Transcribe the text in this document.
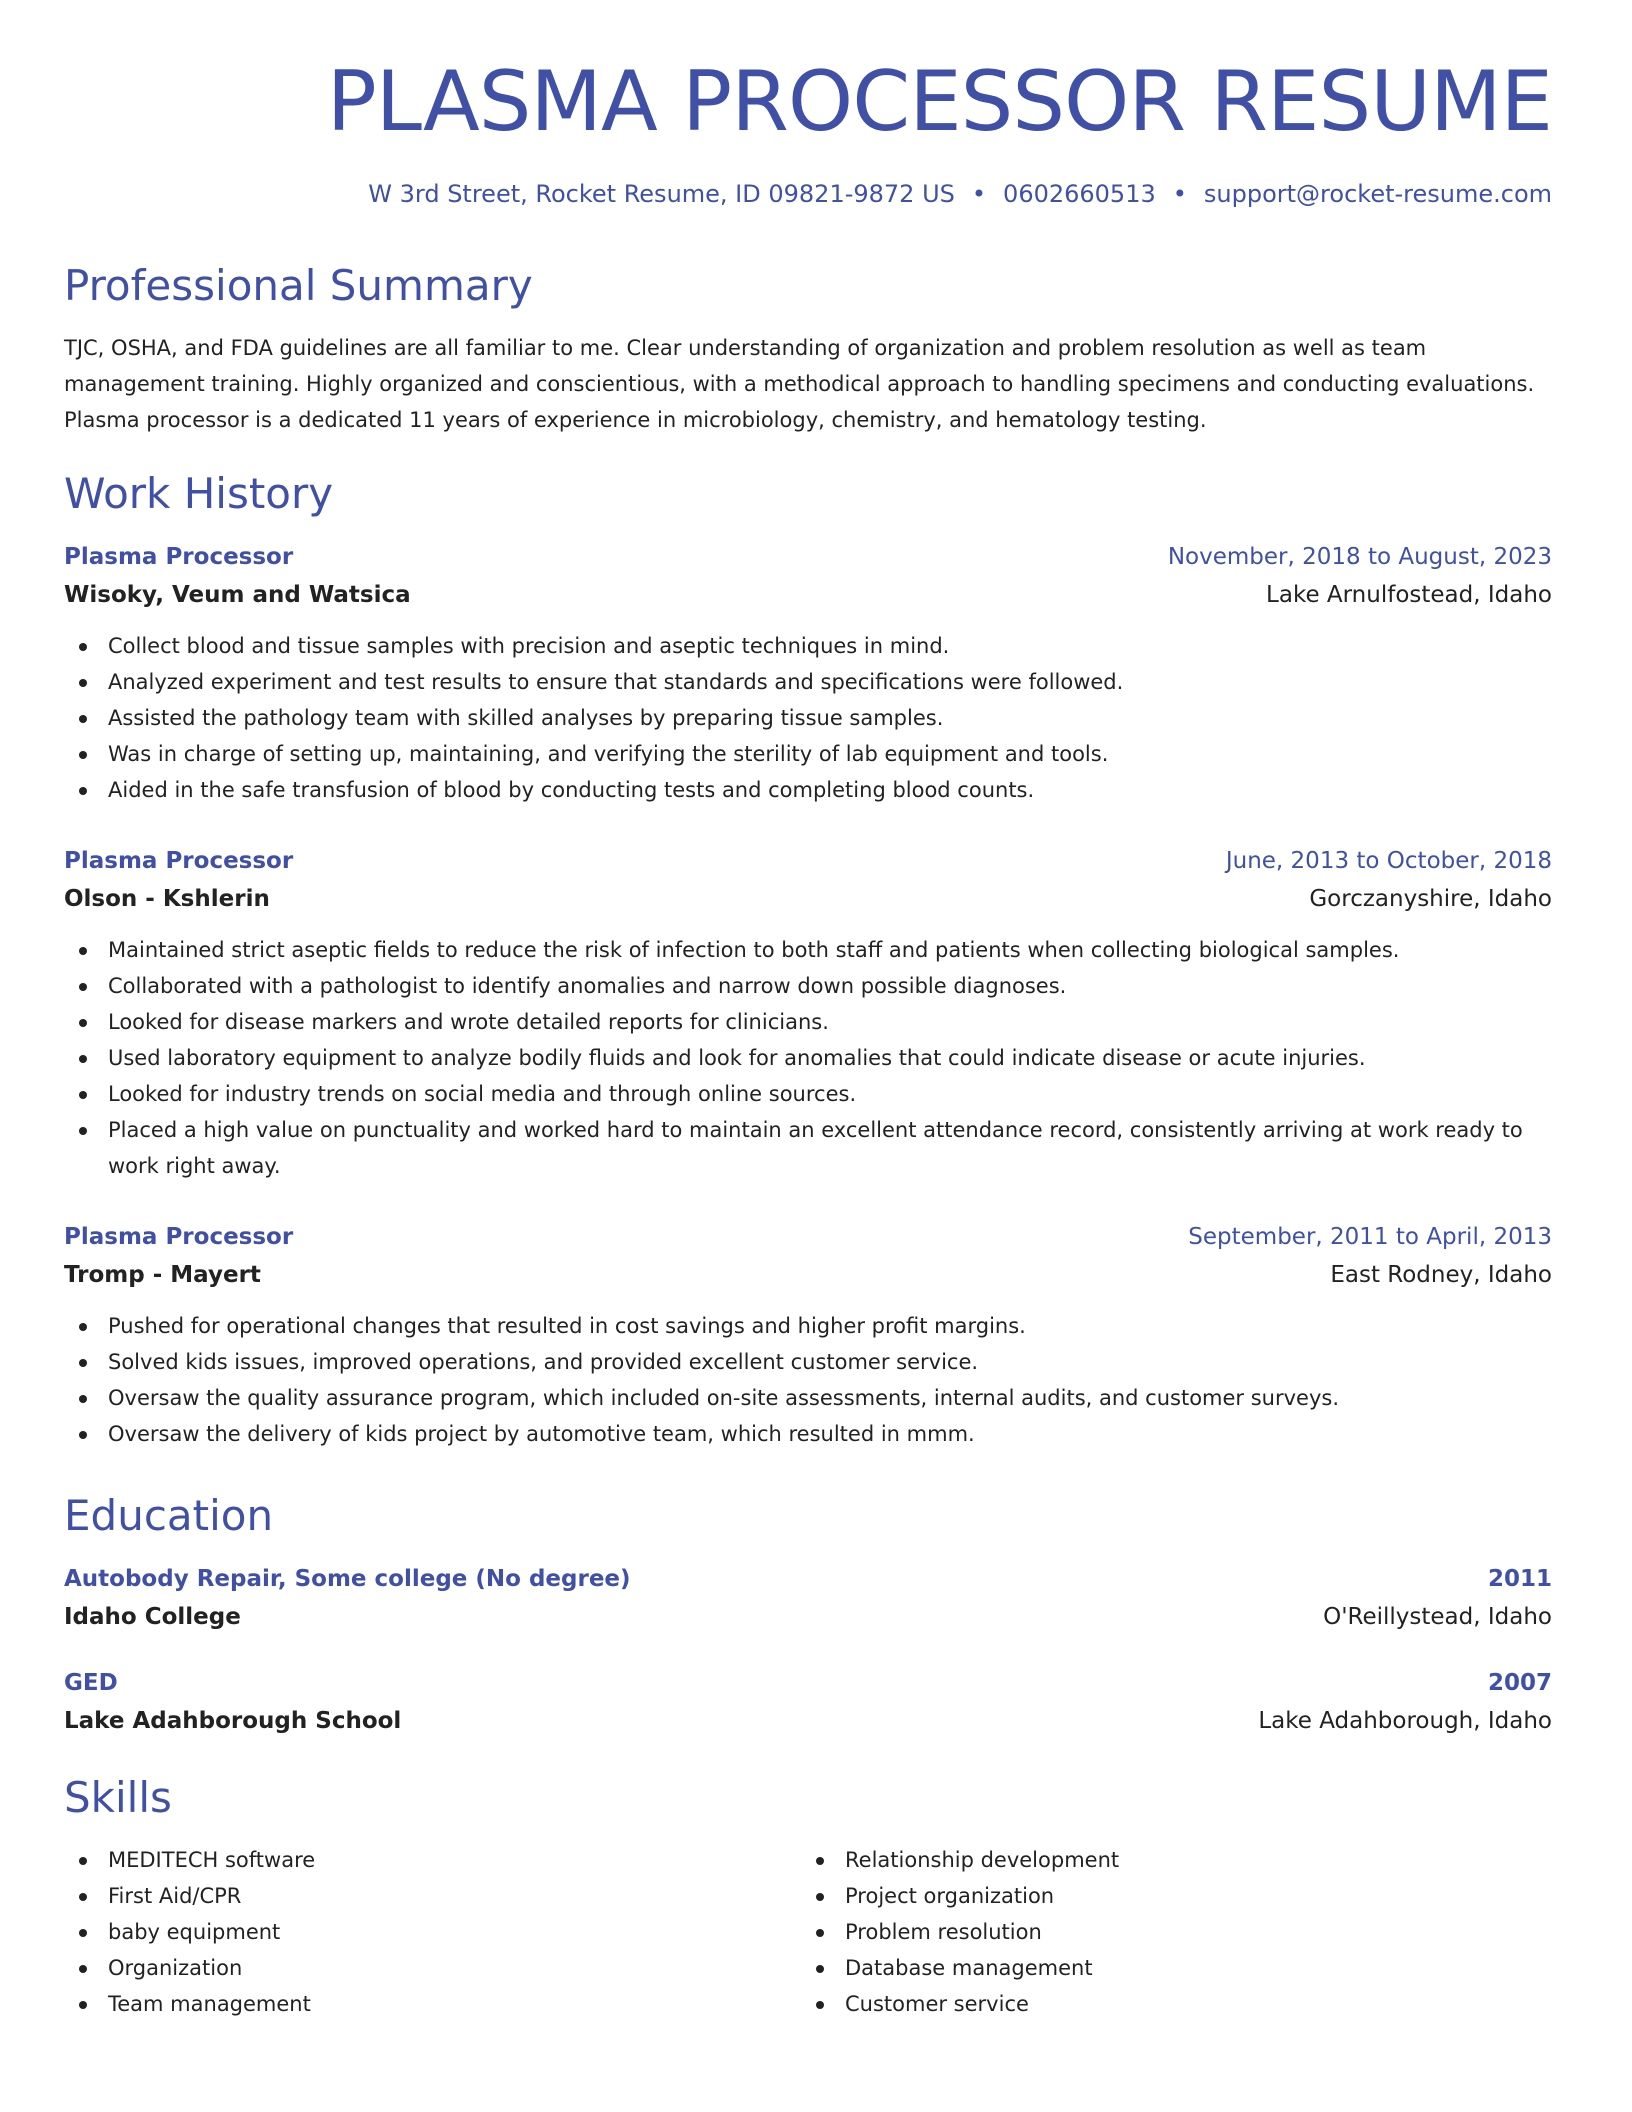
PLASMA PROCESSOR RESUME
W 3rd Street, Rocket Resume, ID 09821-9872 US • 0602660513 • support@rocket-resume.com
Professional Summary

TJC, OSHA, and FDA guidelines are all familiar to me. Clear understanding of organization and problem resolution as well as team management training. Highly organized and conscientious, with a methodical approach to handling specimens and conducting evaluations. Plasma processor is a dedicated 11 years of experience in microbiology, chemistry, and hematology testing.

Work History
Plasma Processor	November, 2018 to August, 2023
Wisoky, Veum and Watsica	Lake Arnulfostead, Idaho
Collect blood and tissue samples with precision and aseptic techniques in mind.
Analyzed experiment and test results to ensure that standards and specifications were followed.
Assisted the pathology team with skilled analyses by preparing tissue samples.
Was in charge of setting up, maintaining, and verifying the sterility of lab equipment and tools.
Aided in the safe transfusion of blood by conducting tests and completing blood counts.
Plasma Processor	June, 2013 to October, 2018
Olson - Kshlerin	Gorczanyshire, Idaho
Maintained strict aseptic fields to reduce the risk of infection to both staff and patients when collecting biological samples.
Collaborated with a pathologist to identify anomalies and narrow down possible diagnoses.
Looked for disease markers and wrote detailed reports for clinicians.
Used laboratory equipment to analyze bodily fluids and look for anomalies that could indicate disease or acute injuries.
Looked for industry trends on social media and through online sources.
Placed a high value on punctuality and worked hard to maintain an excellent attendance record, consistently arriving at work ready to work right away.
Plasma Processor	September, 2011 to April, 2013
Tromp - Mayert	East Rodney, Idaho
Pushed for operational changes that resulted in cost savings and higher profit margins.
Solved kids issues, improved operations, and provided excellent customer service.
Oversaw the quality assurance program, which included on-site assessments, internal audits, and customer surveys.
Oversaw the delivery of kids project by automotive team, which resulted in mmm.
Education
Autobody Repair, Some college (No degree)	2011
Idaho College	O'Reillystead, Idaho
GED	2007
Lake Adahborough School	Lake Adahborough, Idaho
Skills
MEDITECH software
First Aid/CPR
baby equipment
Organization
Team management
Relationship development
Project organization
Problem resolution
Database management
Customer service
